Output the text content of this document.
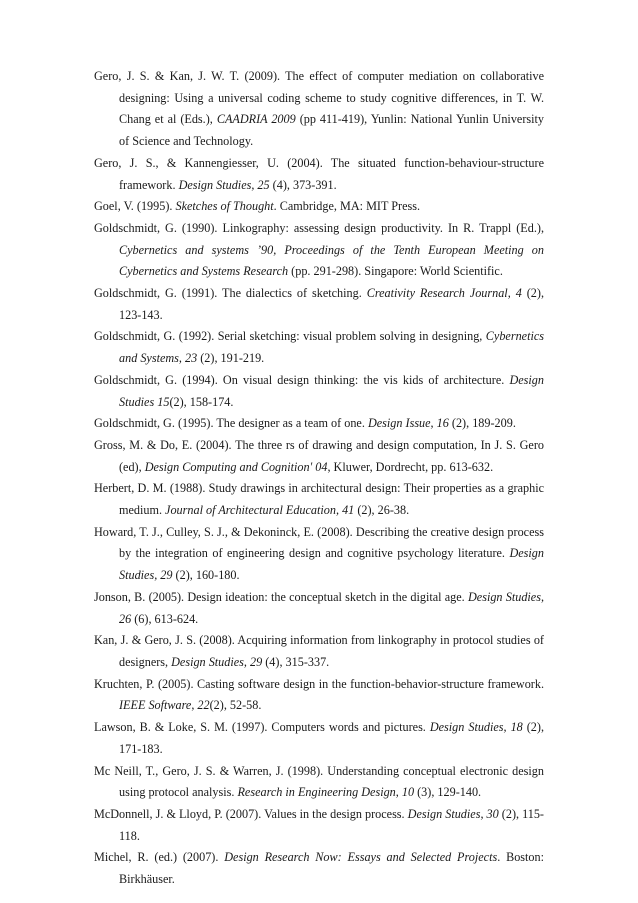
Gero, J. S. & Kan, J. W. T. (2009). The effect of computer mediation on collaborative designing: Using a universal coding scheme to study cognitive differences, in T. W. Chang et al (Eds.), CAADRIA 2009 (pp 411-419), Yunlin: National Yunlin University of Science and Technology.

Gero, J. S., & Kannengiesser, U. (2004). The situated function-behaviour-structure framework. Design Studies, 25 (4), 373-391.

Goel, V. (1995). Sketches of Thought. Cambridge, MA: MIT Press.

Goldschmidt, G. (1990). Linkography: assessing design productivity. In R. Trappl (Ed.), Cybernetics and systems ’90, Proceedings of the Tenth European Meeting on Cybernetics and Systems Research (pp. 291-298). Singapore: World Scientific.

Goldschmidt, G. (1991). The dialectics of sketching. Creativity Research Journal, 4 (2), 123-143.

Goldschmidt, G. (1992). Serial sketching: visual problem solving in designing, Cybernetics and Systems, 23 (2), 191-219.

Goldschmidt, G. (1994). On visual design thinking: the vis kids of architecture. Design Studies 15(2), 158-174.

Goldschmidt, G. (1995). The designer as a team of one. Design Issue, 16 (2), 189-209.

Gross, M. & Do, E. (2004). The three rs of drawing and design computation, In J. S. Gero (ed), Design Computing and Cognition' 04, Kluwer, Dordrecht, pp. 613-632.

Herbert, D. M. (1988). Study drawings in architectural design: Their properties as a graphic medium. Journal of Architectural Education, 41 (2), 26-38.

Howard, T. J., Culley, S. J., & Dekoninck, E. (2008). Describing the creative design process by the integration of engineering design and cognitive psychology literature. Design Studies, 29 (2), 160-180.

Jonson, B. (2005). Design ideation: the conceptual sketch in the digital age. Design Studies, 26 (6), 613-624.

Kan, J. & Gero, J. S. (2008). Acquiring information from linkography in protocol studies of designers, Design Studies, 29 (4), 315-337.

Kruchten, P. (2005). Casting software design in the function-behavior-structure framework. IEEE Software, 22(2), 52-58.

Lawson, B. & Loke, S. M. (1997). Computers words and pictures. Design Studies, 18 (2), 171-183.

Mc Neill, T., Gero, J. S. & Warren, J. (1998). Understanding conceptual electronic design using protocol analysis. Research in Engineering Design, 10 (3), 129-140.

McDonnell, J. & Lloyd, P. (2007). Values in the design process. Design Studies, 30 (2), 115-118.

Michel, R. (ed.) (2007). Design Research Now: Essays and Selected Projects. Boston: Birkhäuser.
